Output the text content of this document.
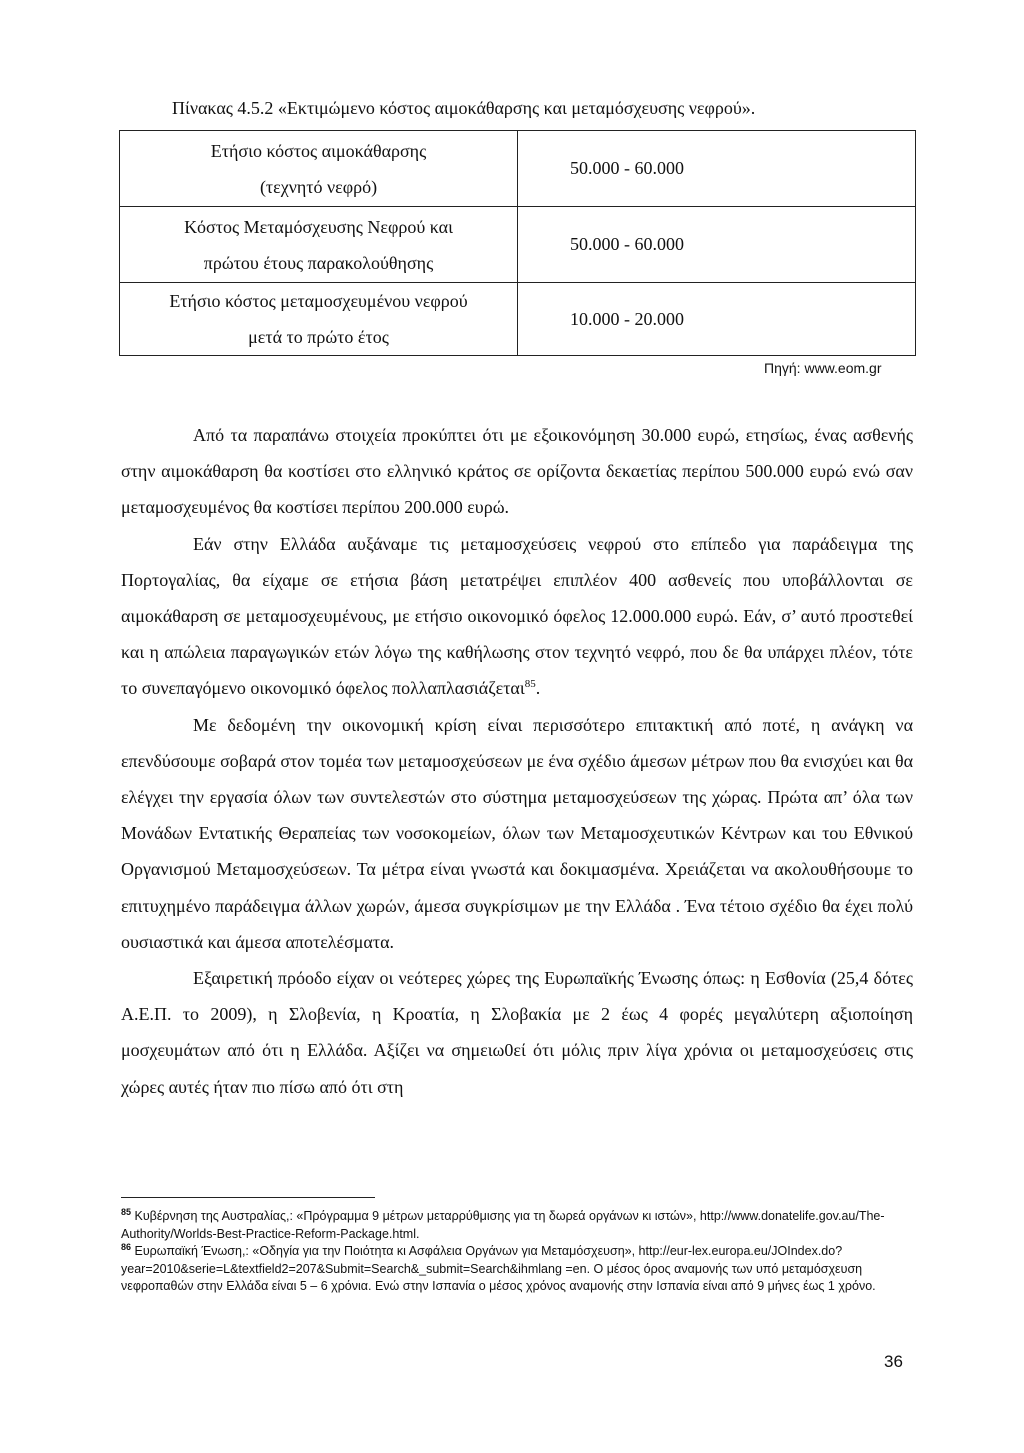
Πίνακας 4.5.2 «Εκτιμώμενο κόστος αιμοκάθαρσης και μεταμόσχευσης νεφρού».
Ετήσιο κόστος αιμοκάθαρσης
(τεχνητό νεφρό)	50.000 - 60.000

Κόστος Μεταμόσχευσης Νεφρού και
πρώτου έτους παρακολούθησης	50.000 - 60.000

Ετήσιο κόστος μεταμοσχευμένου νεφρού
μετά το πρώτο έτος	10.000 - 20.000
Πηγή: www.eom.gr

Από τα παραπάνω στοιχεία προκύπτει ότι με εξοικονόμηση 30.000 ευρώ, ετησίως, ένας ασθενής στην αιμοκάθαρση θα κοστίσει στο ελληνικό κράτος σε ορίζοντα δεκαετίας περίπου 500.000 ευρώ ενώ σαν μεταμοσχευμένος θα κοστίσει περίπου 200.000 ευρώ.

Εάν στην Ελλάδα αυξάναμε τις μεταμοσχεύσεις νεφρού στο επίπεδο για παράδειγμα της Πορτογαλίας, θα είχαμε σε ετήσια βάση μετατρέψει επιπλέον 400 ασθενείς που υποβάλλονται σε αιμοκάθαρση σε μεταμοσχευμένους, με ετήσιο οικονομικό όφελος 12.000.000 ευρώ. Εάν, σ’ αυτό προστεθεί και η απώλεια παραγωγικών ετών λόγω της καθήλωσης στον τεχνητό νεφρό, που δε θα υπάρχει πλέον, τότε το συνεπαγόμενο οικονομικό όφελος πολλαπλασιάζεται$^{85}$.

Με δεδομένη την οικονομική κρίση είναι περισσότερο επιτακτική από ποτέ, η ανάγκη να επενδύσουμε σοβαρά στον τομέα των μεταμοσχεύσεων με ένα σχέδιο άμεσων μέτρων που θα ενισχύει και θα ελέγχει την εργασία όλων των συντελεστών στο σύστημα μεταμοσχεύσεων της χώρας. Πρώτα απ’ όλα των Μονάδων Εντατικής Θεραπείας των νοσοκομείων, όλων των Μεταμοσχευτικών Κέντρων και του Εθνικού Οργανισμού Μεταμοσχεύσεων. Τα μέτρα είναι γνωστά και δοκιμασμένα. Χρειάζεται να ακολουθήσουμε το επιτυχημένο παράδειγμα άλλων χωρών, άμεσα συγκρίσιμων με την Ελλάδα . Ένα τέτοιο σχέδιο θα έχει πολύ ουσιαστικά και άμεσα αποτελέσματα.

Εξαιρετική πρόοδο είχαν οι νεότερες χώρες της Ευρωπαϊκής Ένωσης όπως: η Εσθονία (25,4 δότες Α.Ε.Π. το 2009), η Σλοβενία, η Κροατία, η Σλοβακία με 2 έως 4 φορές μεγαλύτερη αξιοποίηση μοσχευμάτων από ότι η Ελλάδα. Αξίζει να σημειω0εί ότι μόλις πριν λίγα χρόνια οι μεταμοσχεύσεις στις χώρες αυτές ήταν πιο πίσω από ότι στη

$^{85}$ Κυβέρνηση της Αυστραλίας,: «Πρόγραμμα 9 μέτρων μεταρρύθμισης για τη δωρεά οργάνων κι ιστών», http://www.donatelife.gov.au/The-Authority/Worlds-Best-Practice-Reform-Package.html.

$^{86}$ Ευρωπαϊκή Ένωση,: «Οδηγία για την Ποιότητα κι Ασφάλεια Οργάνων για Μεταμόσχευση», http://eur-lex.europa.eu/JOIndex.do?year=2010&serie=L&textfield2=207&Submit=Search&_submit=Search&ihmlang =en. Ο μέσος όρος αναμονής των υπό μεταμόσχευση νεφροπαθών στην Ελλάδα είναι 5 – 6 χρόνια. Ενώ στην Ισπανία ο μέσος χρόνος αναμονής στην Ισπανία είναι από 9 μήνες έως 1 χρόνο.

36
